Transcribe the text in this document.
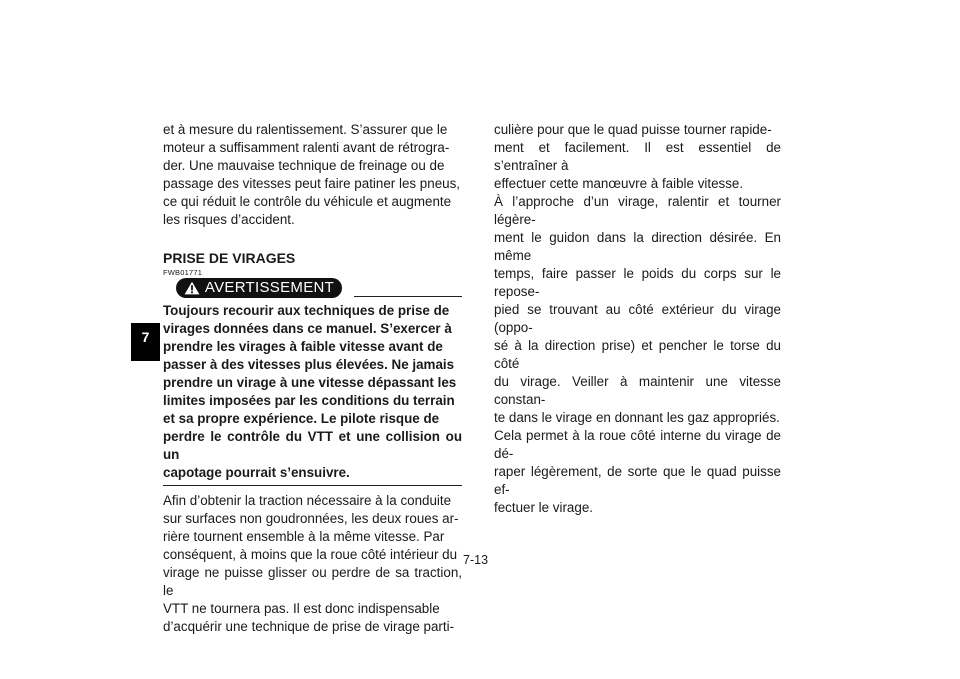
7

et à mesure du ralentissement. S’assurer que le

moteur a suffisamment ralenti avant de rétrogra-

der. Une mauvaise technique de freinage ou de

passage des vitesses peut faire patiner les pneus,

ce qui réduit le contrôle du véhicule et augmente

les risques d’accident.

PRISE DE VIRAGES
FWB01771
AVERTISSEMENT

Toujours recourir aux techniques de prise de

virages données dans ce manuel. S’exercer à

prendre les virages à faible vitesse avant de

passer à des vitesses plus élevées. Ne jamais

prendre un virage à une vitesse dépassant les

limites imposées par les conditions du terrain

et sa propre expérience. Le pilote risque de

perdre le contrôle du VTT et une collision ou un

capotage pourrait s’ensuivre.

Afin d’obtenir la traction nécessaire à la conduite

sur surfaces non goudronnées, les deux roues ar-

rière tournent ensemble à la même vitesse. Par

conséquent, à moins que la roue côté intérieur du

virage ne puisse glisser ou perdre de sa traction, le

VTT ne tournera pas. Il est donc indispensable

d’acquérir une technique de prise de virage parti-

culière pour que le quad puisse tourner rapide-

ment et facilement. Il est essentiel de s’entraîner à

effectuer cette manœuvre à faible vitesse.

À l’approche d’un virage, ralentir et tourner légère-

ment le guidon dans la direction désirée. En même

temps, faire passer le poids du corps sur le repose-

pied se trouvant au côté extérieur du virage (oppo-

sé à la direction prise) et pencher le torse du côté

du virage. Veiller à maintenir une vitesse constan-

te dans le virage en donnant les gaz appropriés.

Cela permet à la roue côté interne du virage de dé-

raper légèrement, de sorte que le quad puisse ef-

fectuer le virage.

7-13
